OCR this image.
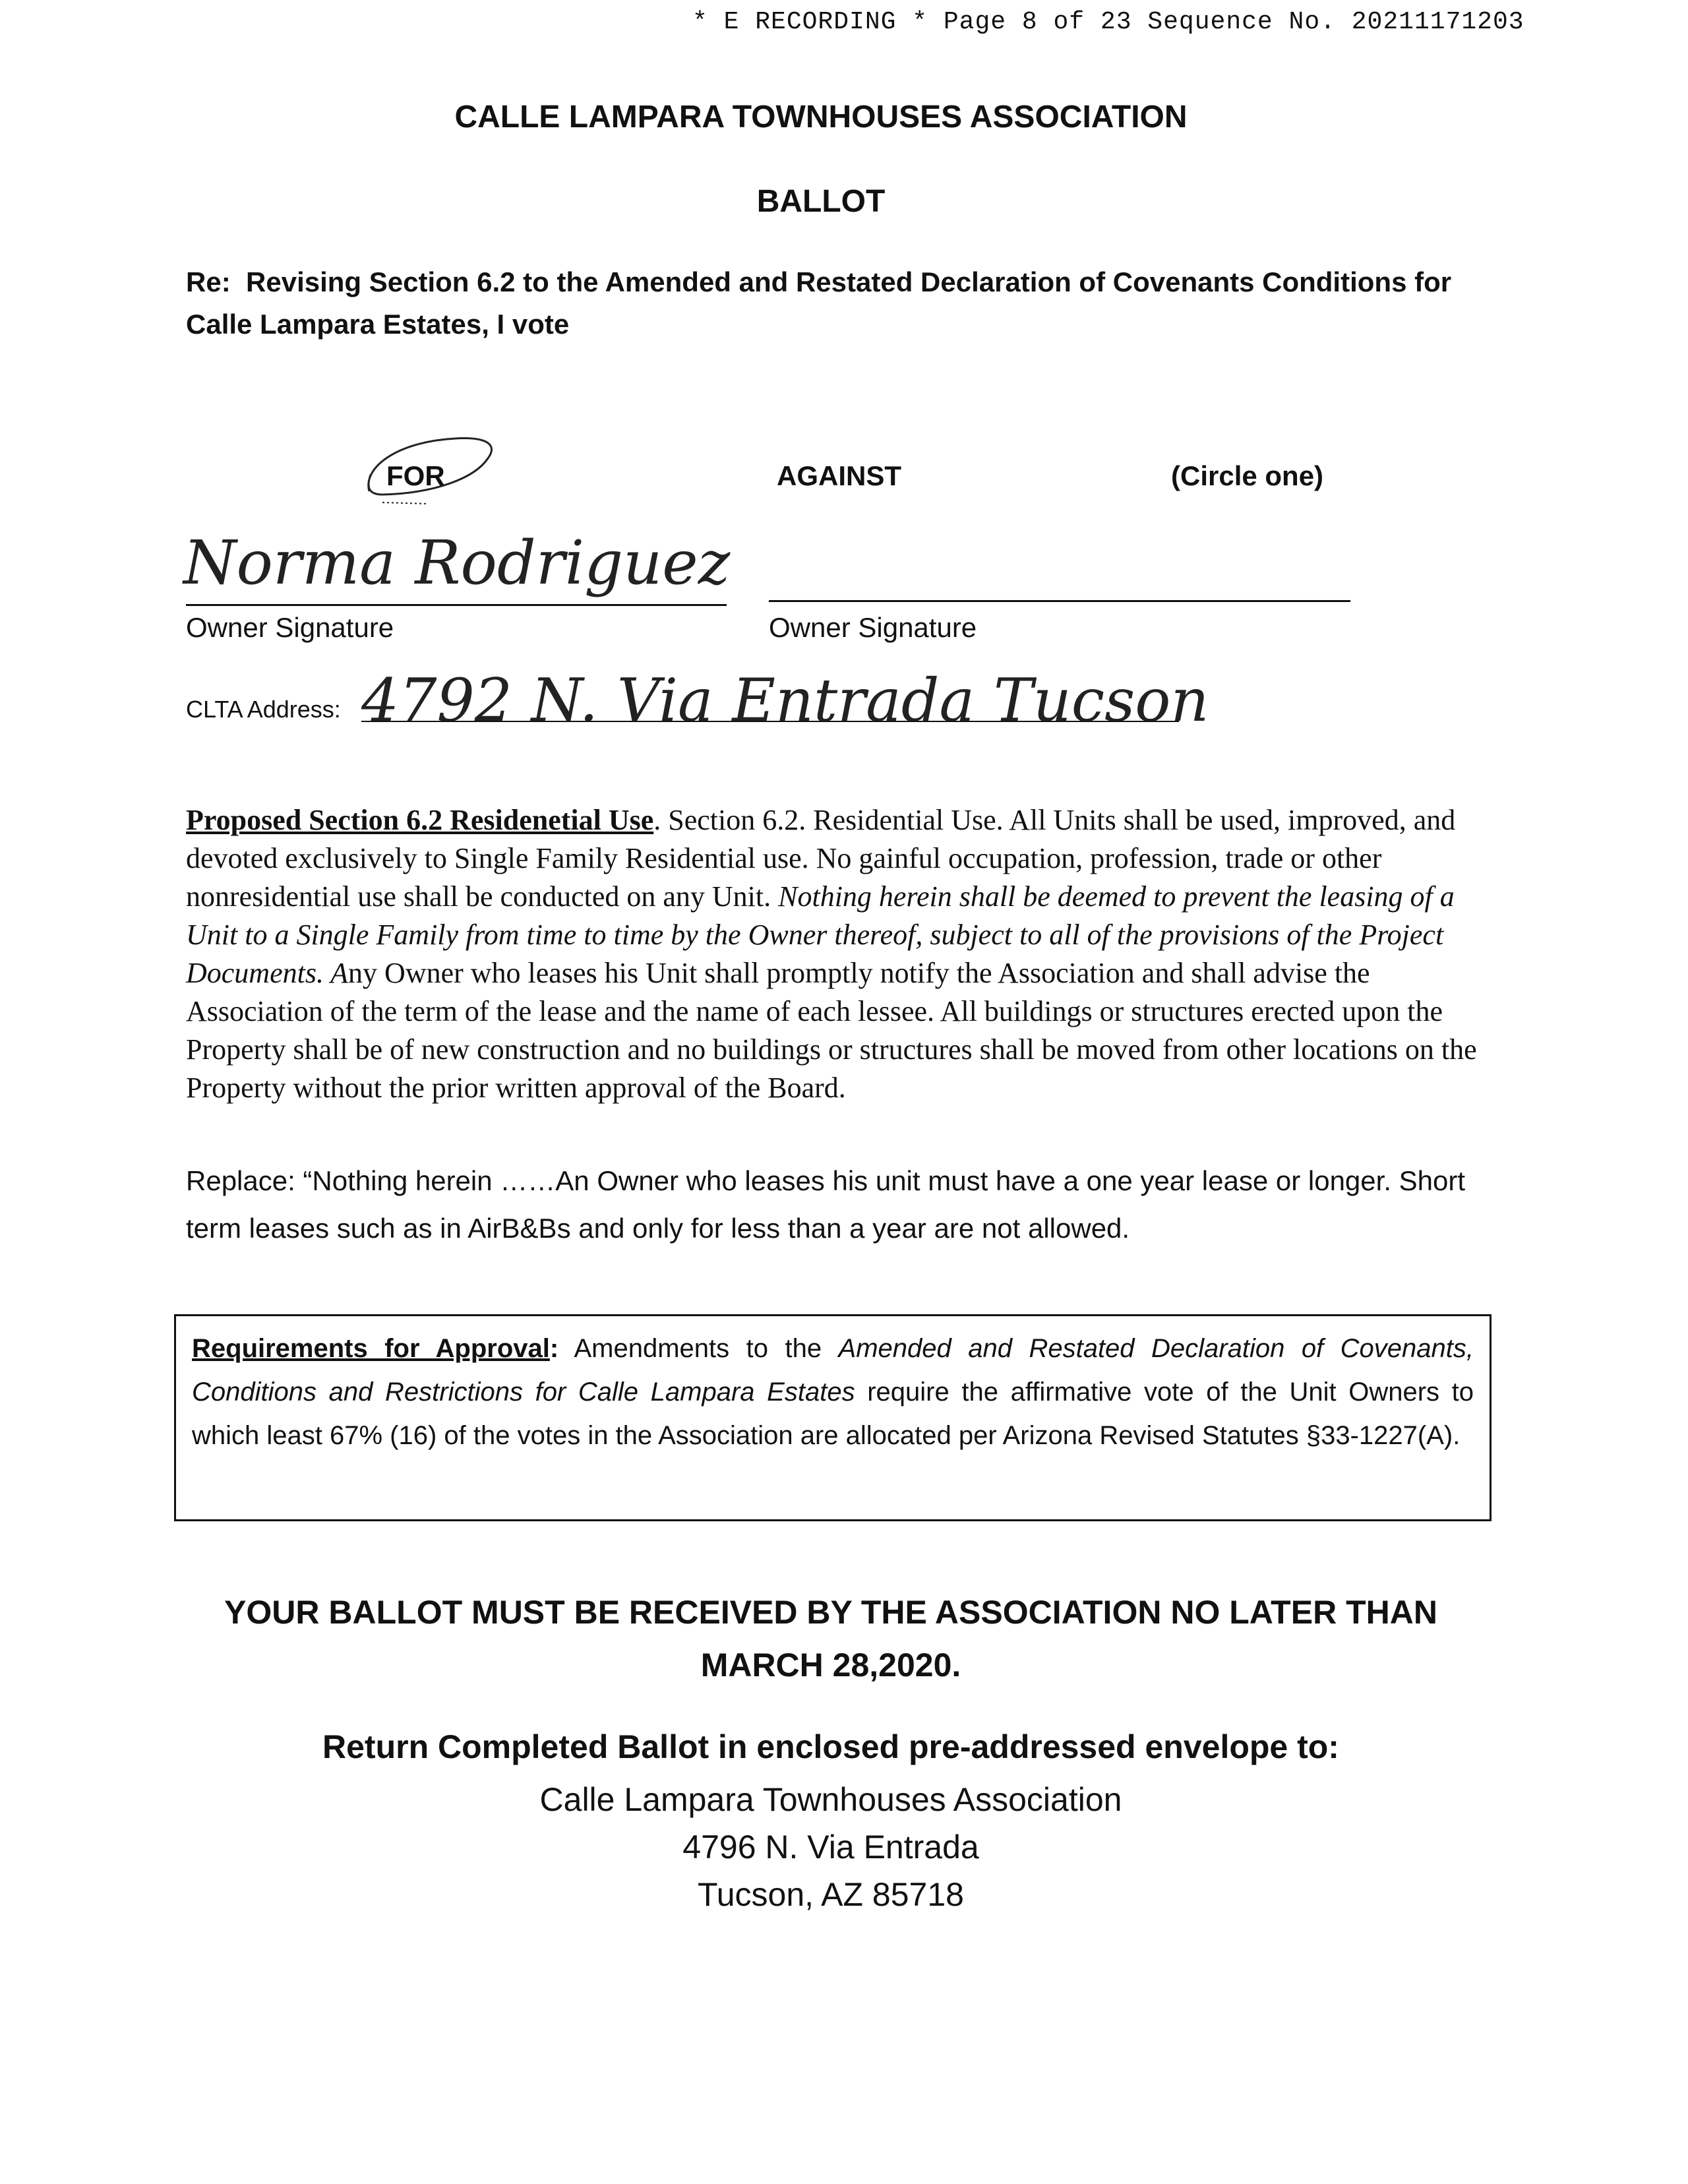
* E RECORDING * Page 8 of 23 Sequence No. 20211171203
CALLE LAMPARA TOWNHOUSES ASSOCIATION
BALLOT
Re: Revising Section 6.2 to the Amended and Restated Declaration of Covenants Conditions for Calle Lampara Estates, I vote
FOR	AGAINST	(Circle one)
Norma Rodriguez
Owner Signature	Owner Signature
CLTA Address: 4792 N. Via Entrada Tucson
Proposed Section 6.2 Residenetial Use. Section 6.2. Residential Use. All Units shall be used, improved, and devoted exclusively to Single Family Residential use. No gainful occupation, profession, trade or other nonresidential use shall be conducted on any Unit. Nothing herein shall be deemed to prevent the leasing of a Unit to a Single Family from time to time by the Owner thereof, subject to all of the provisions of the Project Documents. Any Owner who leases his Unit shall promptly notify the Association and shall advise the Association of the term of the lease and the name of each lessee. All buildings or structures erected upon the Property shall be of new construction and no buildings or structures shall be moved from other locations on the Property without the prior written approval of the Board.
Replace: “Nothing herein ……An Owner who leases his unit must have a one year lease or longer. Short term leases such as in AirB&Bs and only for less than a year are not allowed.
Requirements for Approval: Amendments to the Amended and Restated Declaration of Covenants, Conditions and Restrictions for Calle Lampara Estates require the affirmative vote of the Unit Owners to which least 67% (16) of the votes in the Association are allocated per Arizona Revised Statutes §33-1227(A).
YOUR BALLOT MUST BE RECEIVED BY THE ASSOCIATION NO LATER THAN
MARCH 28,2020.
Return Completed Ballot in enclosed pre-addressed envelope to:
Calle Lampara Townhouses Association
4796 N. Via Entrada
Tucson, AZ 85718
